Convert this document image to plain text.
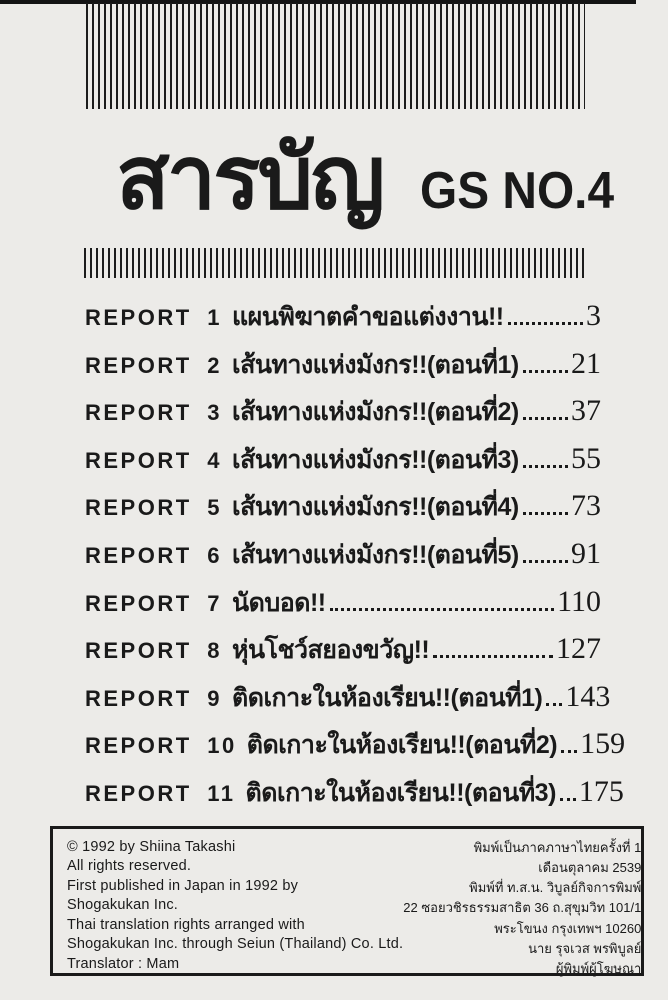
สารบัญ GS NO.4
REPORT 1 แผนพิฆาตคำขอแต่งงาน!!	3
REPORT 2 เส้นทางแห่งมังกร!!(ตอนที่1) 21
REPORT 3 เส้นทางแห่งมังกร!!(ตอนที่2) 37
REPORT 4 เส้นทางแห่งมังกร!!(ตอนที่3) 55
REPORT 5 เส้นทางแห่งมังกร!!(ตอนที่4) 73
REPORT 6 เส้นทางแห่งมังกร!!(ตอนที่5) 91
REPORT 7 นัดบอด!!	110
REPORT 8 หุ่นโชว์สยองขวัญ!!	127
REPORT 9 ติดเกาะในห้องเรียน!!(ตอนที่1) 143
REPORT 10 ติดเกาะในห้องเรียน!!(ตอนที่2) 159
REPORT 11 ติดเกาะในห้องเรียน!!(ตอนที่3) 175
© 1992 by Shiina Takashi
All rights reserved.
First published in Japan in 1992 by
Shogakukan Inc.
Thai translation rights arranged with
Shogakukan Inc. through Seiun (Thailand) Co. Ltd.
Translator : Mam
พิมพ์เป็นภาคภาษาไทยครั้งที่ 1
เดือนตุลาคม 2539
พิมพ์ที่ ท.ส.น. วิบูลย์กิจการพิมพ์
22 ซอยวชิรธรรมสาธิต 36 ถ.สุขุมวิท 101/1
พระโขนง กรุงเทพฯ 10260
นาย รุจเวส พรพิบูลย์
ผู้พิมพ์ผู้โฆษณา
